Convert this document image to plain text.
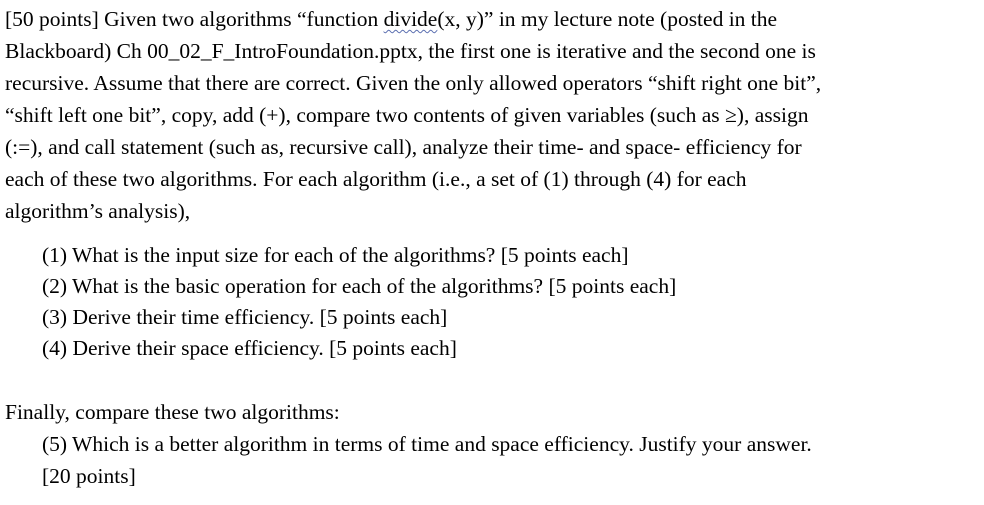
[50 points] Given two algorithms “function divide(x, y)” in my lecture note (posted in the

Blackboard) Ch 00_02_F_IntroFoundation.pptx, the first one is iterative and the second one is

recursive. Assume that there are correct. Given the only allowed operators “shift right one bit”,

“shift left one bit”, copy, add (+), compare two contents of given variables (such as ≥), assign

(:=), and call statement (such as, recursive call), analyze their time- and space- efficiency for

each of these two algorithms. For each algorithm (i.e., a set of (1) through (4) for each

algorithm’s analysis),

(1) What is the input size for each of the algorithms? [5 points each]
(2) What is the basic operation for each of the algorithms? [5 points each]
(3) Derive their time efficiency. [5 points each]
(4) Derive their space efficiency. [5 points each]
Finally, compare these two algorithms:
(5) Which is a better algorithm in terms of time and space efficiency. Justify your answer.
[20 points]
